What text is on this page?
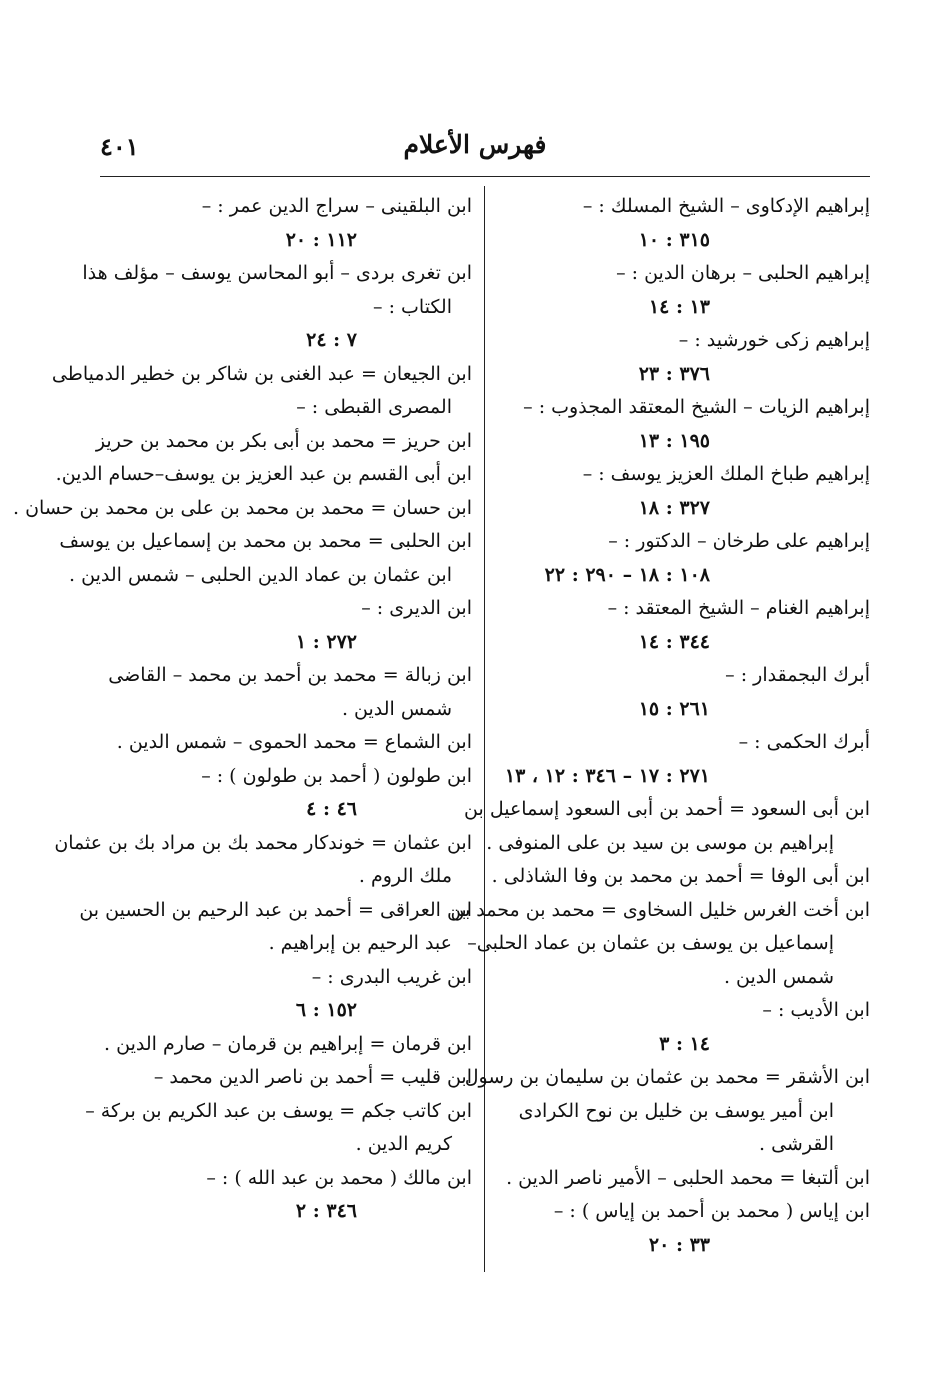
فهرس الأعلام
٤٠١
إبراهيم الإدكاوى – الشيخ المسلك : –
٣١٥ : ١٠
إبراهيم الحلبى – برهان الدين : –
١٣ : ١٤
إبراهيم زكى خورشيد : –
٣٧٦ : ٢٣
إبراهيم الزيات – الشيخ المعتقد المجذوب : –
١٩٥ : ١٣
إبراهيم طباخ الملك العزيز يوسف : –
٣٢٧ : ١٨
إبراهيم على طرخان – الدكتور : –
١٠٨ : ١٨ – ٢٩٠ : ٢٢
إبراهيم الغنام – الشيخ المعتقد : –
٣٤٤ : ١٤
أبرك البجمقدار : –
٢٦١ : ١٥
أبرك الحكمى : –
٢٧١ : ١٧ – ٣٤٦ : ١٢ ، ١٣
ابن أبى السعود = أحمد بن أبى السعود إسماعيل بن
إبراهيم بن موسى بن سيد بن على المنوفى .
ابن أبى الوفا = أحمد بن محمد بن وفا الشاذلى .
ابن أخت الغرس خليل السخاوى = محمد بن محمد بن
إسماعيل بن يوسف بن عثمان بن عماد الحلبى–
شمس الدين .
ابن الأديب : –
١٤ : ٣
ابن الأشقر = محمد بن عثمان بن سليمان بن رسول
ابن أمير يوسف بن خليل بن نوح الكرادى
القرشى .
ابن ألتبغا = محمد الحلبى – الأمير ناصر الدين .
ابن إياس ( محمد بن أحمد بن إياس ) : –
٣٣ : ٢٠
ابن البلقينى – سراج الدين عمر : –
١١٢ : ٢٠
ابن تغرى بردى – أبو المحاسن يوسف – مؤلف هذا
الكتاب : –
٧ : ٢٤
ابن الجيعان = عبد الغنى بن شاكر بن خطير الدمياطى
المصرى القبطى : –
ابن حريز = محمد بن أبى بكر بن محمد بن حريز
ابن أبى القسم بن عبد العزيز بن يوسف–حسام الدين.
ابن حسان = محمد بن محمد بن على بن محمد بن حسان .
ابن الحلبى = محمد بن محمد بن إسماعيل بن يوسف
ابن عثمان بن عماد الدين الحلبى – شمس الدين .
ابن الديرى : –
٢٧٢ : ١
ابن زبالة = محمد بن أحمد بن محمد – القاضى
شمس الدين .
ابن الشماع = محمد الحموى – شمس الدين .
ابن طولون ( أحمد بن طولون ) : –
٤٦ : ٤
ابن عثمان = خوندكار محمد بك بن مراد بك بن عثمان
ملك الروم .
ابن العراقى = أحمد بن عبد الرحيم بن الحسين بن
عبد الرحيم بن إبراهيم .
ابن غريب البدرى : –
١٥٢ : ٦
ابن قرمان = إبراهيم بن قرمان – صارم الدين .
ابن قليب = أحمد بن ناصر الدين محمد –
ابن كاتب جكم = يوسف بن عبد الكريم بن بركة –
كريم الدين .
ابن مالك ( محمد بن عبد الله ) : –
٣٤٦ : ٢
